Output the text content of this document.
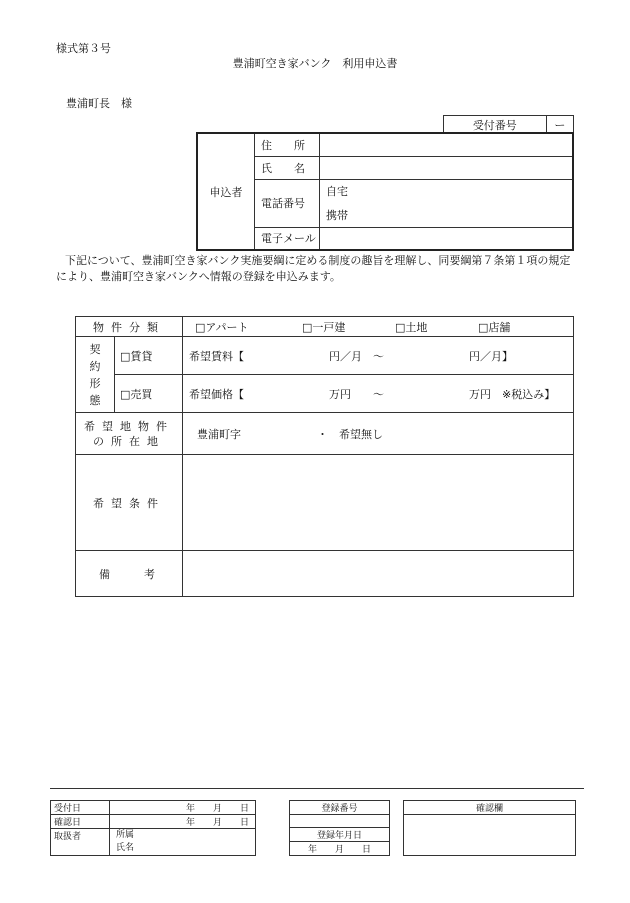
様式第３号
豊浦町空き家バンク　利用申込書
豊浦町長　様
受付番号	ー
申込者	住　　所	
	氏　　名	
	電話番号	自宅
		携帯
	電子メール	
下記について、豊浦町空き家バンク実施要綱に定める制度の趣旨を理解し、同要綱第７条第１項の規定により、豊浦町空き家バンクへ情報の登録を申込みます。
物件分類		□アパート □一戸建 □土地 □店舗

契約形態	□賃貸	希望賃料【 円／月　～ 円／月】
	□売買	希望価格【 万円　　～ 万円　※税込み】

希望地物件
の所在地		豊浦町字 ・　希望無し
希望条件		
備　　考		
受付日	年　　月　　日
確認日	年　　月　　日
取扱者	所属
氏名
登録番号

登録年月日
年　　月　　日
確認欄
